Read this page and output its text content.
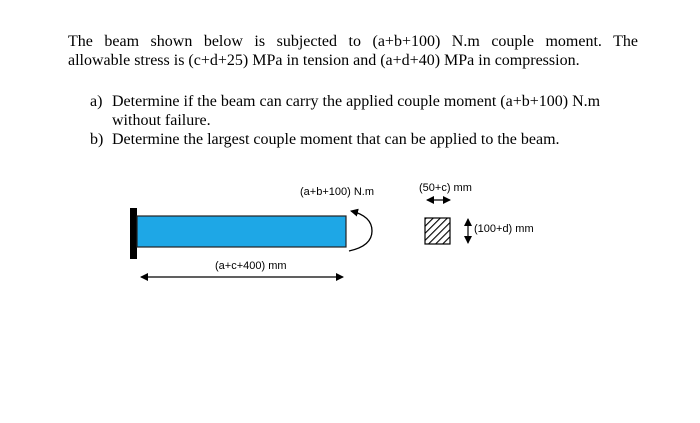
The beam shown below is subjected to (a+b+100) N.m couple moment. The
allowable stress is (c+d+25) MPa in tension and (a+d+40) MPa in compression.
a) Determine if the beam can carry the applied couple moment (a+b+100) N.m
without failure.
b) Determine the largest couple moment that can be applied to the beam.
(a+b+100) N.m
(a+c+400) mm
(50+c) mm
(100+d) mm
